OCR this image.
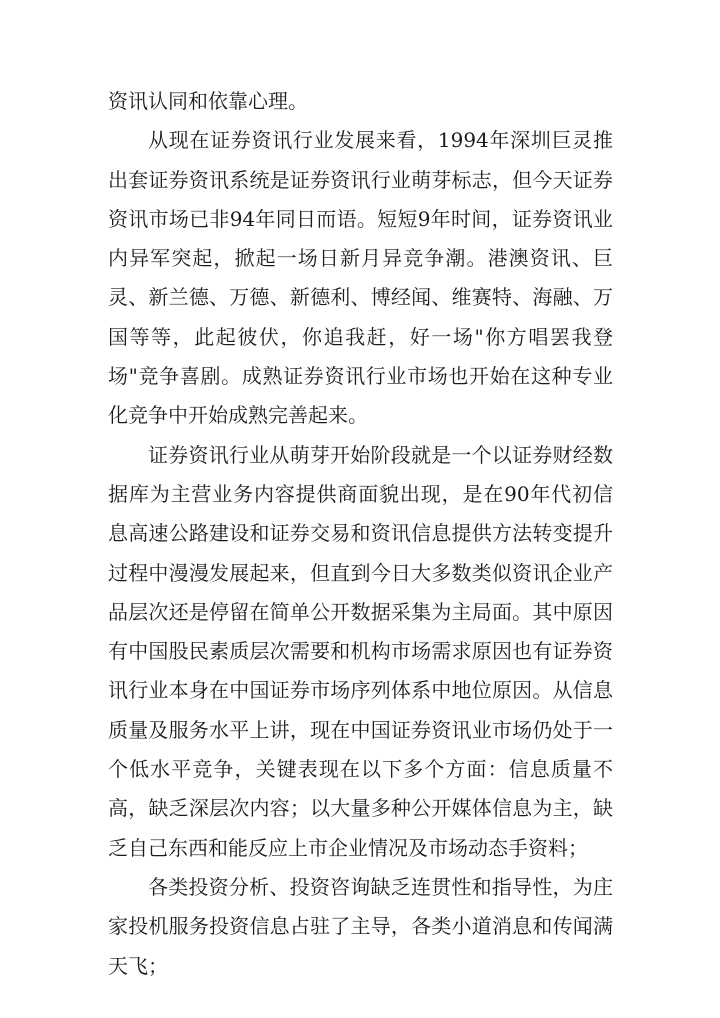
资讯认同和依靠心理。

从现在证券资讯行业发展来看，1994年深圳巨灵推出套证券资讯系统是证券资讯行业萌芽标志，但今天证券资讯市场已非94年同日而语。短短9年时间，证券资讯业内异军突起，掀起一场日新月异竞争潮。港澳资讯、巨灵、新兰德、万德、新德利、博经闻、维赛特、海融、万国等等，此起彼伏，你追我赶，好一场"你方唱罢我登场"竞争喜剧。成熟证券资讯行业市场也开始在这种专业化竞争中开始成熟完善起来。

证券资讯行业从萌芽开始阶段就是一个以证券财经数据库为主营业务内容提供商面貌出现，是在90年代初信息高速公路建设和证券交易和资讯信息提供方法转变提升过程中漫漫发展起来，但直到今日大多数类似资讯企业产品层次还是停留在简单公开数据采集为主局面。其中原因有中国股民素质层次需要和机构市场需求原因也有证券资讯行业本身在中国证券市场序列体系中地位原因。从信息质量及服务水平上讲，现在中国证券资讯业市场仍处于一个低水平竞争，关键表现在以下多个方面：信息质量不高，缺乏深层次内容；以大量多种公开媒体信息为主，缺乏自己东西和能反应上市企业情况及市场动态手资料；

各类投资分析、投资咨询缺乏连贯性和指导性，为庄家投机服务投资信息占驻了主导，各类小道消息和传闻满天飞；
